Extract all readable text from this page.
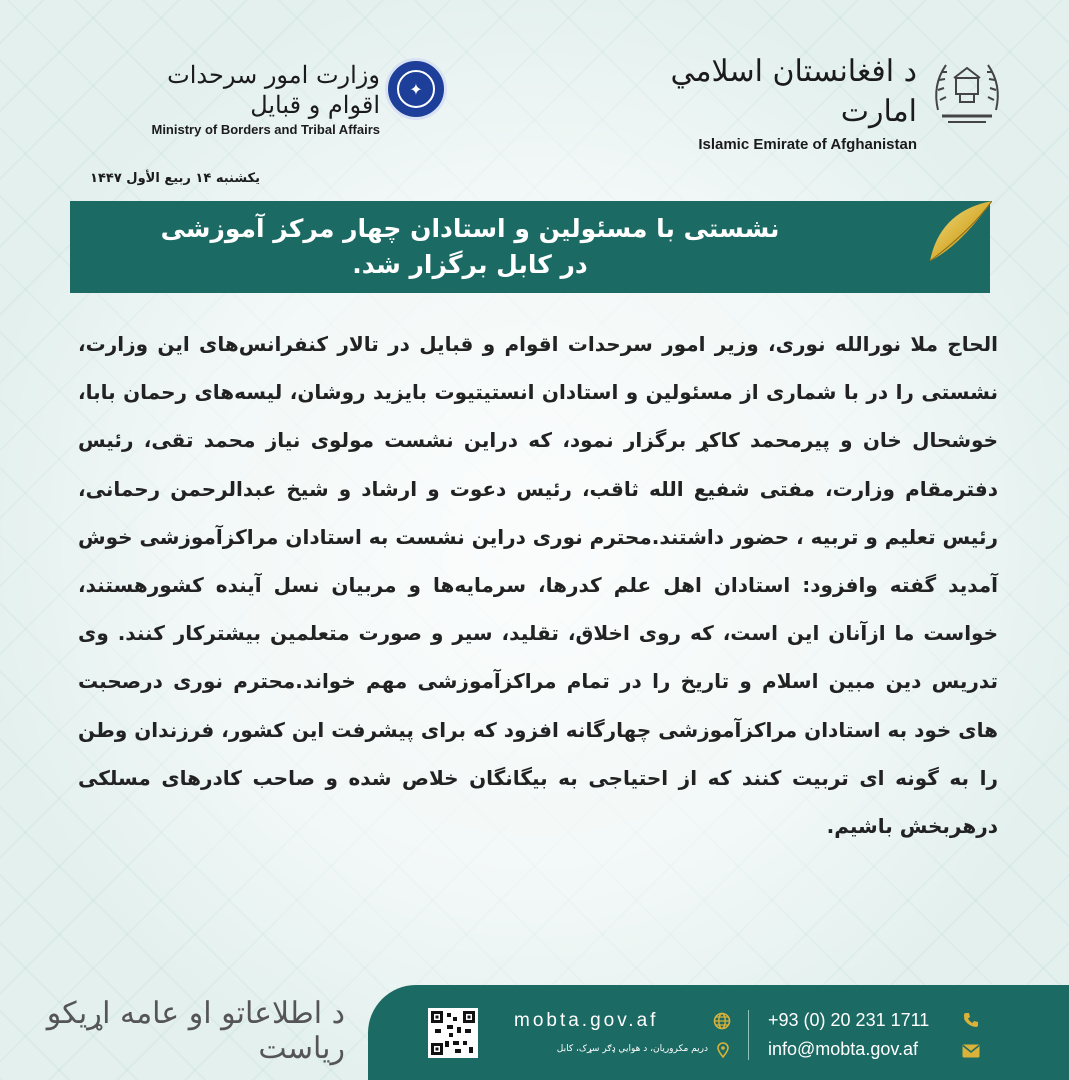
وزارت امور سرحدات اقوام و قبایل
Ministry of Borders and Tribal Affairs
✦	د افغانستان اسلامي امارت
Islamic Emirate of Afghanistan
یکشنبه ۱۴ ربیع الأول ۱۴۴۷
نشستی با مسئولین و استادان چهار مرکز آموزشی
در کابل برگزار شد.
الحاج ملا نورالله نوری، وزیر امور سرحدات اقوام و قبایل در تالار کنفرانس‌های این وزارت، نشستی را در با شماری از مسئولین و استادان انستیتیوت بایزید روشان، لیسه‌های رحمان بابا، خوشحال خان و پیرمحمد کاکړ برگزار نمود، که دراین نشست مولوی نیاز محمد تقی، رئیس دفترمقام وزارت، مفتی شفیع الله ثاقب، رئیس دعوت و ارشاد و شیخ عبدالرحمن رحمانی، رئیس تعلیم و تربیه ، حضور داشتند.محترم نوری دراین نشست به استادان مراکزآموزشی خوش آمدید گفته وافزود: استادان اهل علم کدرها، سرمایه‌ها و مربیان نسل آینده کشورهستند، خواست ما ازآنان این است، که روی اخلاق، تقلید، سیر و صورت متعلمین بیشترکار کنند. وی تدریس دین مبین اسلام و تاریخ را در تمام مراکزآموزشی مهم خواند.محترم نوری درصحبت های خود به استادان مراکزآموزشی چهارگانه افزود که برای پیشرفت این کشور، فرزندان وطن را به گونه ای تربیت کنند که از احتیاجی به بیگانگان خلاص شده و صاحب کادرهای مسلکی درهربخش باشیم.
د اطلاعاتو او عامه اړیکو ریاست
mobta.gov.af
دریم مکروریان، د هوایي ډګر سړک، کابل
+93 (0) 20 231 1711
info@mobta.gov.af
